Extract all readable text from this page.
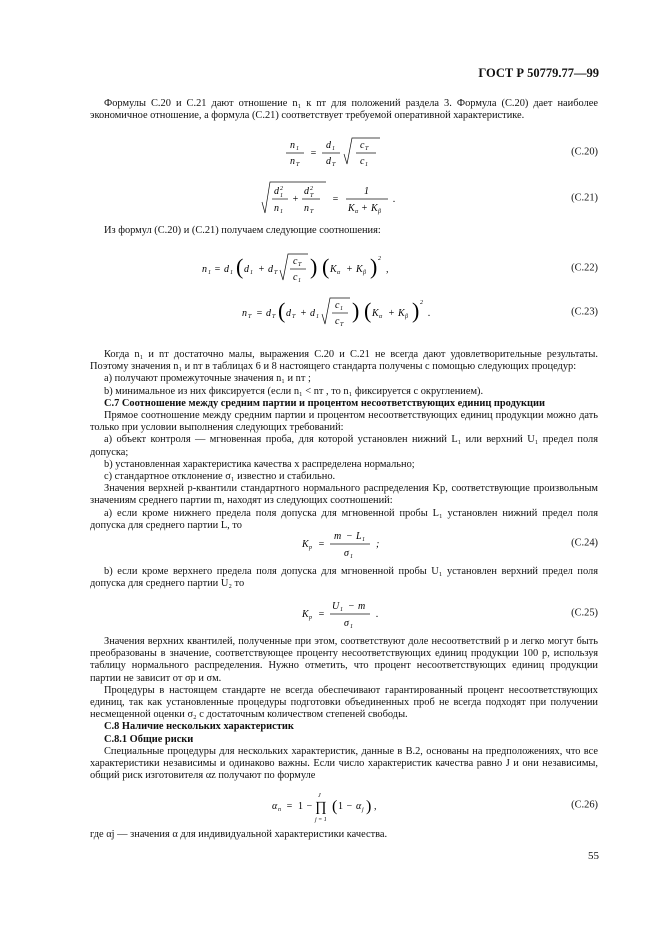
ГОСТ Р 50779.77—99

Формулы С.20 и С.21 дают отношение n₁ к nт для положений раздела 3. Формула (С.20) дает наиболее экономичное отношение, а формула (С.21) соответствует требуемой оперативной характеристике.

n 1
n T
=
d 1
d T
c T
c 1
(С.20)
d 2
1
n 1
+
d 2
T
n T
=
1
K α + K β
.	(С.21)

Из формул (С.20) и (С.21) получаем следующие соотношения:

n 1 = d 1 ( d 1 + d T
c T
c 1
) ( K α + K β ) 2
,	(С.22)
n T = d T ( d T + d 1
c 1
c T
) ( K α + K β ) 2
.	(С.23)

Когда n₁ и nт достаточно малы, выражения С.20 и С.21 не всегда дают удовлетворительные результаты. Поэтому значения n₁ и nт в таблицах 6 и 8 настоящего стандарта получены с помощью следующих процедур:

а) получают промежуточные значения n₁ и nт ;

b) минимальное из них фиксируется (если n₁ < nт , то n₁ фиксируется с округлением).

С.7 Соотношение между средним партии и процентом несоответствующих единиц продукции

Прямое соотношение между средним партии и процентом несоответствующих единиц продукции можно дать только при условии выполнения следующих требований:

а) объект контроля — мгновенная проба, для которой установлен нижний L₁ или верхний U₁ предел поля допуска;

b) установленная характеристика качества x распределена нормально;

с) стандартное отклонение σ₁ известно и стабильно.

Значения верхней p-квантили стандартного нормального распределения Kp, соответствующие произвольным значениям среднего партии m, находят из следующих соотношений:

а) если кроме нижнего предела поля допуска для мгновенной пробы L₁ установлен нижний предел поля допуска для среднего партии L, то

K p =
m − L 1
σ 1
;	(С.24)

b) если кроме верхнего предела поля допуска для мгновенной пробы U₁ установлен верхний предел поля допуска для среднего партии U₂ то

K p =
U 1 − m
σ 1
.	(С.25)

Значения верхних квантилей, полученные при этом, соответствуют доле несоответствий p и легко могут быть преобразованы в значение, соответствующее проценту несоответствующих единиц продукции 100 p, используя таблицу нормального распределения. Нужно отметить, что процент несоответствующих единиц продукции партии не зависит от σp и σм.

Процедуры в настоящем стандарте не всегда обеспечивают гарантированный процент несоответствующих единиц, так как установленные процедуры подготовки объединенных проб не всегда подходят при получении несмещенной оценки σ₂ с достаточным количеством степеней свободы.

С.8 Наличие нескольких характеристик

С.8.1 Общие риски

Специальные процедуры для нескольких характеристик, данные в В.2, основаны на предположениях, что все характеристики независимы и одинаково важны. Если число характеристик качества равно J и они независимы, общий риск изготовителя αz получают по формуле

α n = 1 −
J
∏
j = 1
( 1 − α j ) ,	(С.26)

где αj — значения α для индивидуальной характеристики качества.

55
